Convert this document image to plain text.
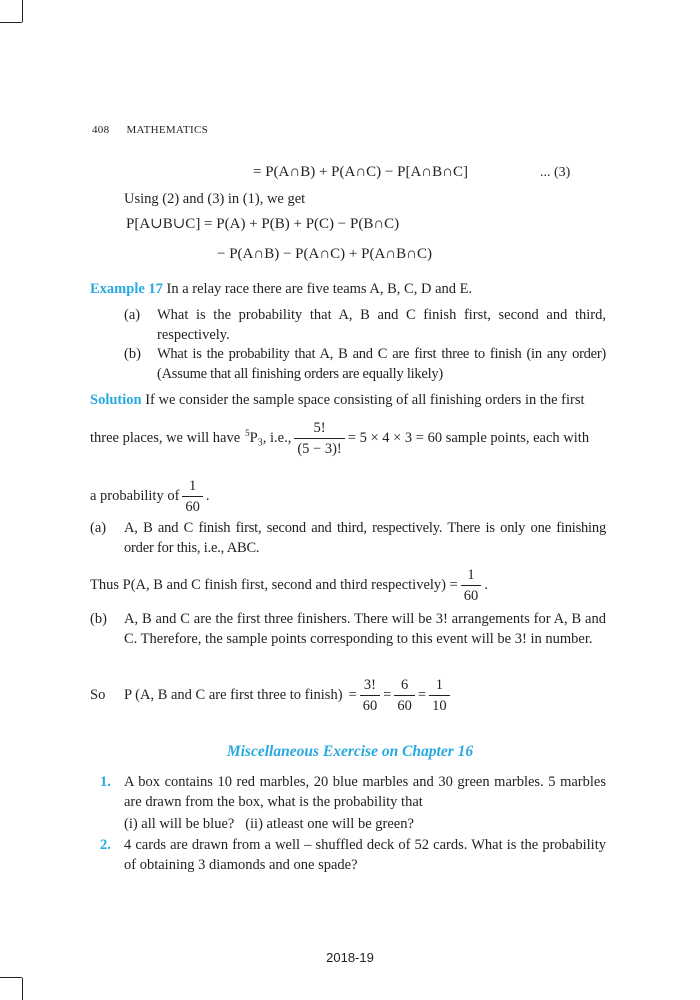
408 MATHEMATICS
= P(A∩B) + P(A∩C) − P[A∩B∩C]	... (3)
Using (2) and (3) in (1), we get
P[A∪B∪C] = P(A) + P(B) + P(C) − P(B∩C)
− P(A∩B) − P(A∩C) + P(A∩B∩C)
Example 17 In a relay race there are five teams A, B, C, D and E.
(a) What is the probability that A, B and C finish first, second and third, respectively.
(b) What is the probability that A, B and C are first three to finish (in any order) (Assume that all finishing orders are equally likely)
Solution If we consider the sample space consisting of all finishing orders in the first
three places, we will have $^5P_3$ , i.e., $\frac{5!}{(5 - 3)!} = 5 \times 4 \times 3 = 60$ sample points, each with
a probability of $\frac{1}{60}$ .
(a) A, B and C finish first, second and third, respectively. There is only one finishing order for this, i.e., ABC.
Thus P(A, B and C finish first, second and third respectively) = $\frac{1}{60}$ .
(b) A, B and C are the first three finishers. There will be 3! arrangements for A, B and C. Therefore, the sample points corresponding to this event will be 3! in number.
So	P (A, B and C are first three to finish) = $\frac{3!}{60} = \frac{6}{60} = \frac{1}{10}$
Miscellaneous Exercise on Chapter 16
1. A box contains 10 red marbles, 20 blue marbles and 30 green marbles. 5 marbles are drawn from the box, what is the probability that
(i) all will be blue?   (ii) atleast one will be green?
2. 4 cards are drawn from a well – shuffled deck of 52 cards. What is the probability of obtaining 3 diamonds and one spade?
2018-19
